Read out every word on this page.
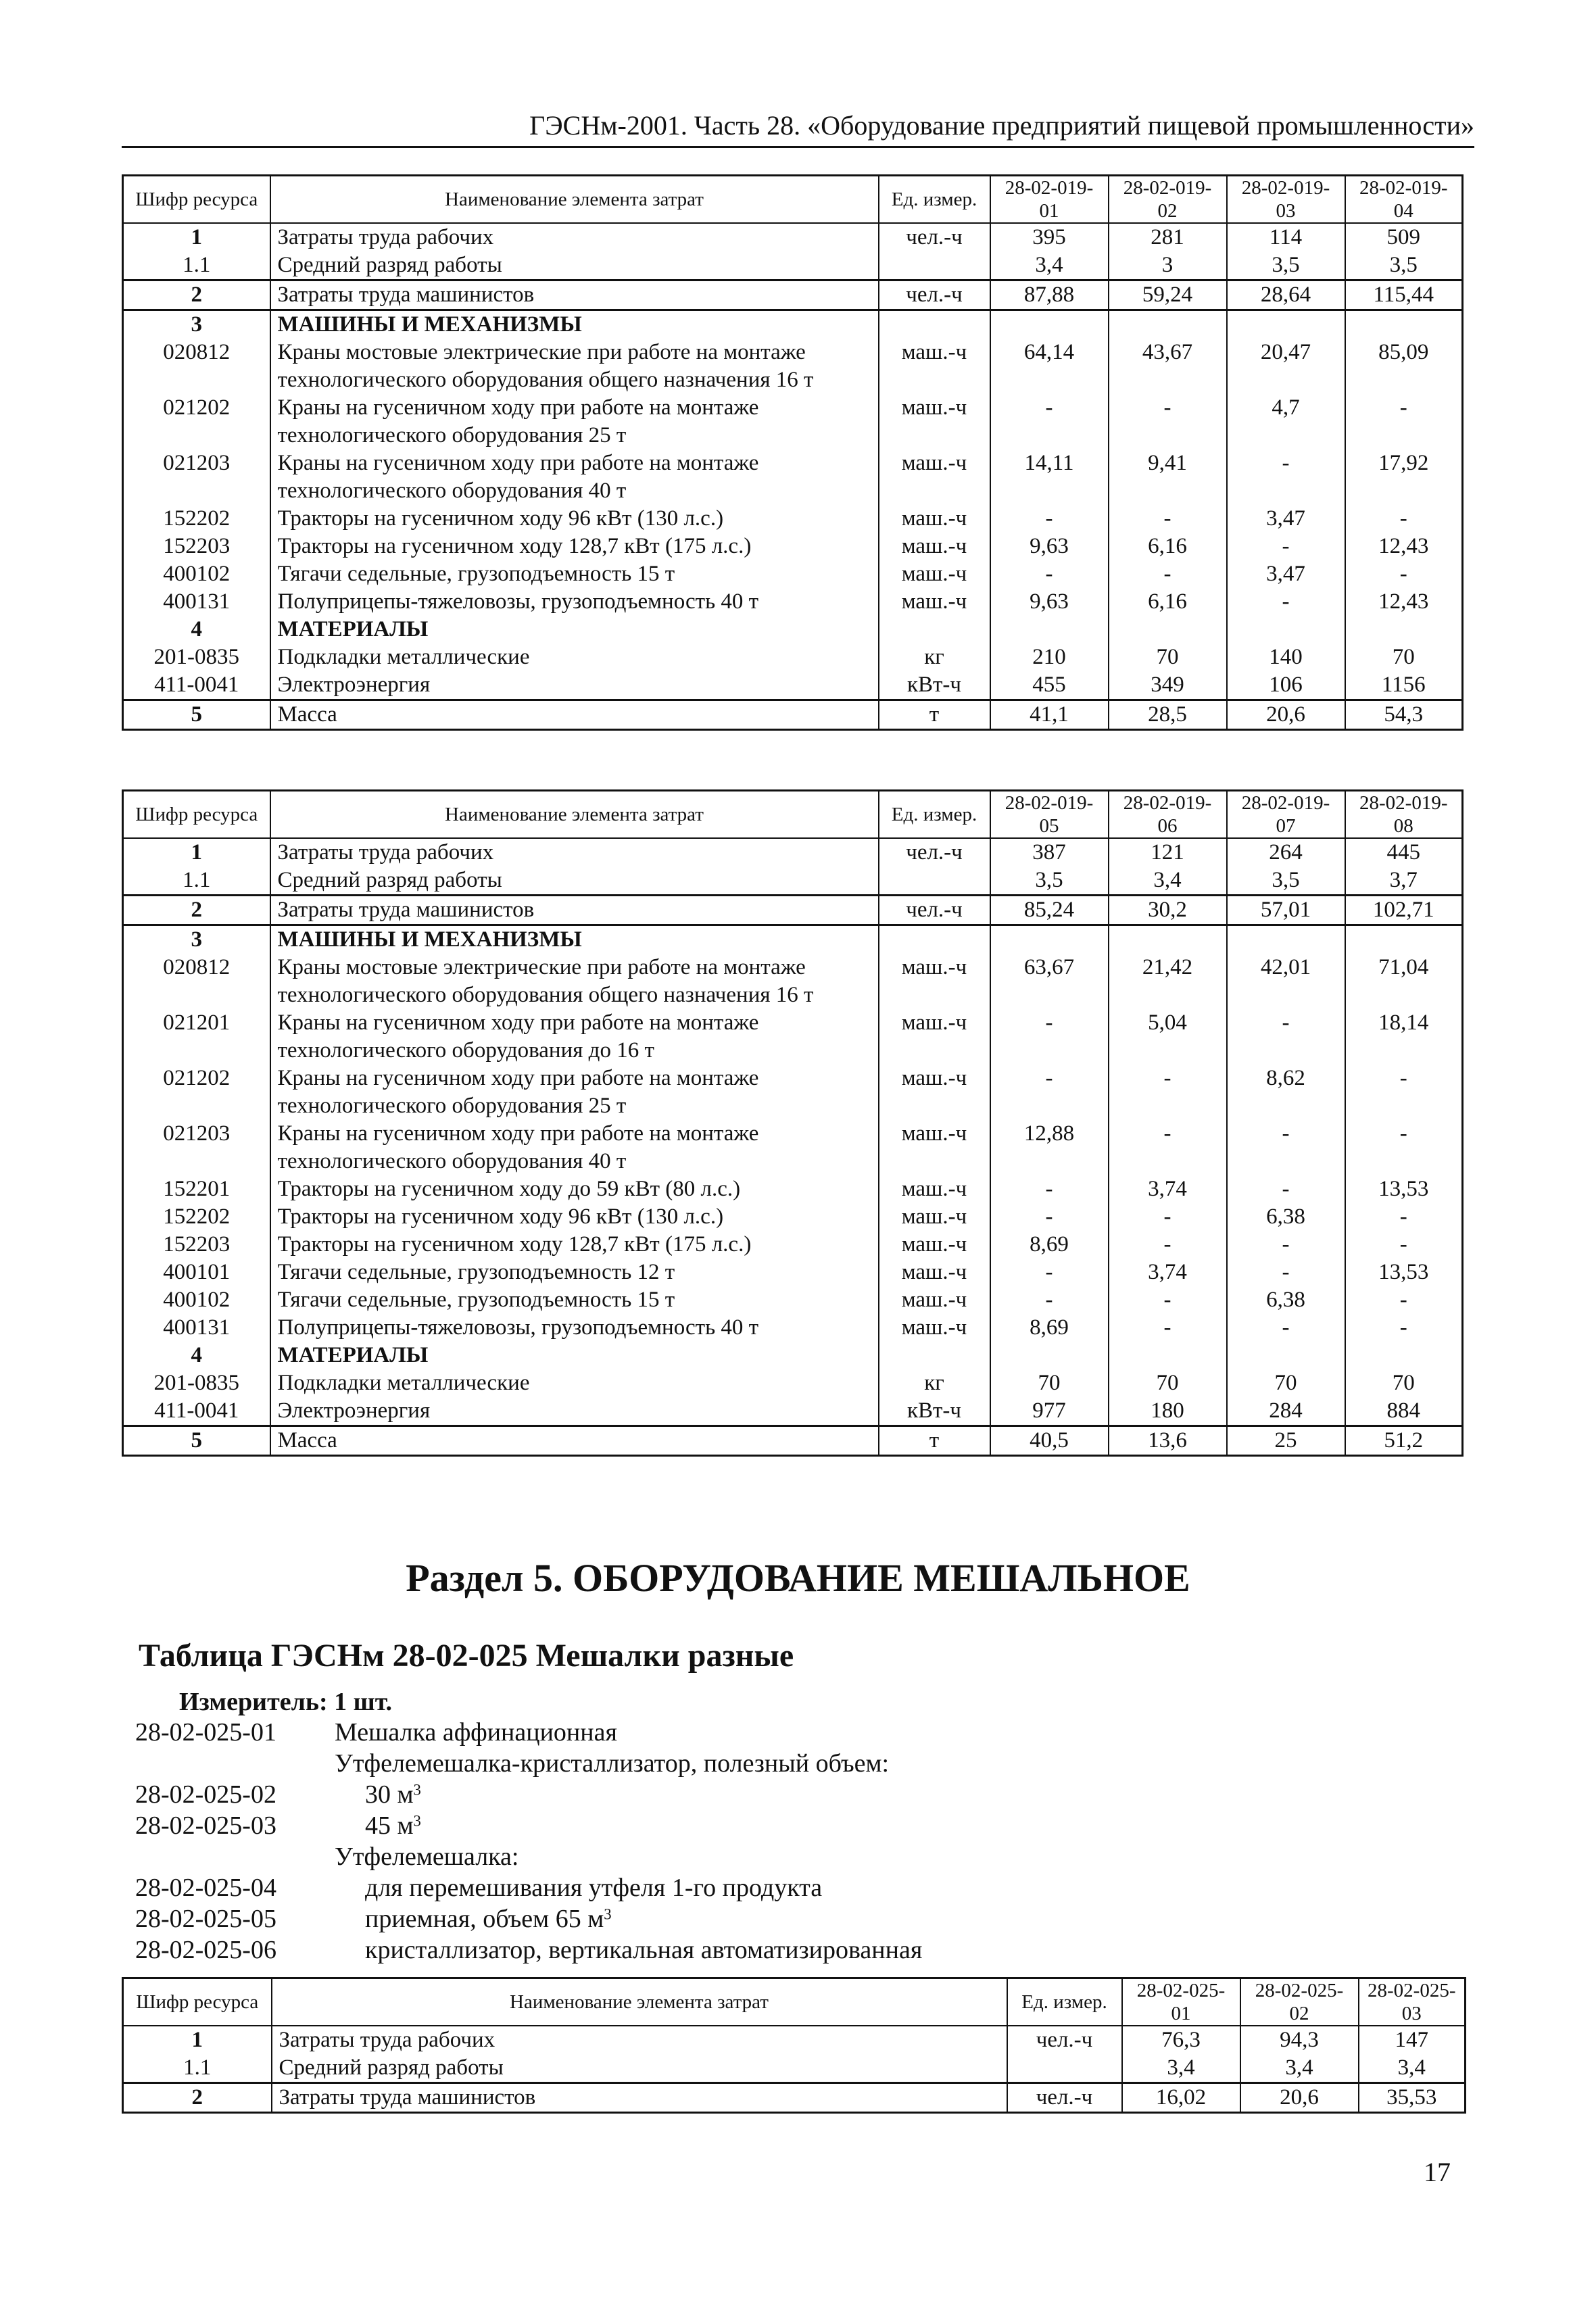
ГЭСНм-2001. Часть 28. «Оборудование предприятий пищевой промышленности»
Шифр ресурса	Наименование элемента затрат	Ед. измер.	28-02-019-01	28-02-019-02	28-02-019-03	28-02-019-04
1	Затраты труда рабочих	чел.-ч	395	281	114	509
1.1	Средний разряд работы		3,4	3	3,5	3,5
2	Затраты труда машинистов	чел.-ч	87,88	59,24	28,64	115,44
3	МАШИНЫ И МЕХАНИЗМЫ					
020812	Краны мостовые электрические при работе на монтаже технологического оборудования общего назначения 16 т	маш.-ч	64,14	43,67	20,47	85,09
021202	Краны на гусеничном ходу при работе на монтаже технологического оборудования 25 т	маш.-ч	-	-	4,7	-
021203	Краны на гусеничном ходу при работе на монтаже технологического оборудования 40 т	маш.-ч	14,11	9,41	-	17,92
152202	Тракторы на гусеничном ходу 96 кВт (130 л.с.)	маш.-ч	-	-	3,47	-
152203	Тракторы на гусеничном ходу 128,7 кВт (175 л.с.)	маш.-ч	9,63	6,16	-	12,43
400102	Тягачи седельные, грузоподъемность 15 т	маш.-ч	-	-	3,47	-
400131	Полуприцепы-тяжеловозы, грузоподъемность 40 т	маш.-ч	9,63	6,16	-	12,43
4	МАТЕРИАЛЫ					
201-0835	Подкладки металлические	кг	210	70	140	70
411-0041	Электроэнергия	кВт-ч	455	349	106	1156
5	Масса	т	41,1	28,5	20,6	54,3
Шифр ресурса	Наименование элемента затрат	Ед. измер.	28-02-019-05	28-02-019-06	28-02-019-07	28-02-019-08
1	Затраты труда рабочих	чел.-ч	387	121	264	445
1.1	Средний разряд работы		3,5	3,4	3,5	3,7
2	Затраты труда машинистов	чел.-ч	85,24	30,2	57,01	102,71
3	МАШИНЫ И МЕХАНИЗМЫ					
020812	Краны мостовые электрические при работе на монтаже технологического оборудования общего назначения 16 т	маш.-ч	63,67	21,42	42,01	71,04
021201	Краны на гусеничном ходу при работе на монтаже технологического оборудования до 16 т	маш.-ч	-	5,04	-	18,14
021202	Краны на гусеничном ходу при работе на монтаже технологического оборудования 25 т	маш.-ч	-	-	8,62	-
021203	Краны на гусеничном ходу при работе на монтаже технологического оборудования 40 т	маш.-ч	12,88	-	-	-
152201	Тракторы на гусеничном ходу до 59 кВт (80 л.с.)	маш.-ч	-	3,74	-	13,53
152202	Тракторы на гусеничном ходу 96 кВт (130 л.с.)	маш.-ч	-	-	6,38	-
152203	Тракторы на гусеничном ходу 128,7 кВт (175 л.с.)	маш.-ч	8,69	-	-	-
400101	Тягачи седельные, грузоподъемность 12 т	маш.-ч	-	3,74	-	13,53
400102	Тягачи седельные, грузоподъемность 15 т	маш.-ч	-	-	6,38	-
400131	Полуприцепы-тяжеловозы, грузоподъемность 40 т	маш.-ч	8,69	-	-	-
4	МАТЕРИАЛЫ					
201-0835	Подкладки металлические	кг	70	70	70	70
411-0041	Электроэнергия	кВт-ч	977	180	284	884
5	Масса	т	40,5	13,6	25	51,2
Раздел 5. ОБОРУДОВАНИЕ МЕШАЛЬНОЕ
Таблица ГЭСНм 28-02-025 Мешалки разные
Измеритель: 1 шт.
28-02-025-01	Мешалка аффинационная
Утфелемешалка-кристаллизатор, полезный объем:
28-02-025-02	30 $м^3$
28-02-025-03	45 $м^3$
Утфелемешалка:
28-02-025-04	для перемешивания утфеля 1-го продукта
28-02-025-05	приемная, объем 65 $м^3$
28-02-025-06	кристаллизатор, вертикальная автоматизированная
Шифр ресурса	Наименование элемента затрат	Ед. измер.	28-02-025-01	28-02-025-02	28-02-025-03
1	Затраты труда рабочих	чел.-ч	76,3	94,3	147
1.1	Средний разряд работы		3,4	3,4	3,4
2	Затраты труда машинистов	чел.-ч	16,02	20,6	35,53
17
